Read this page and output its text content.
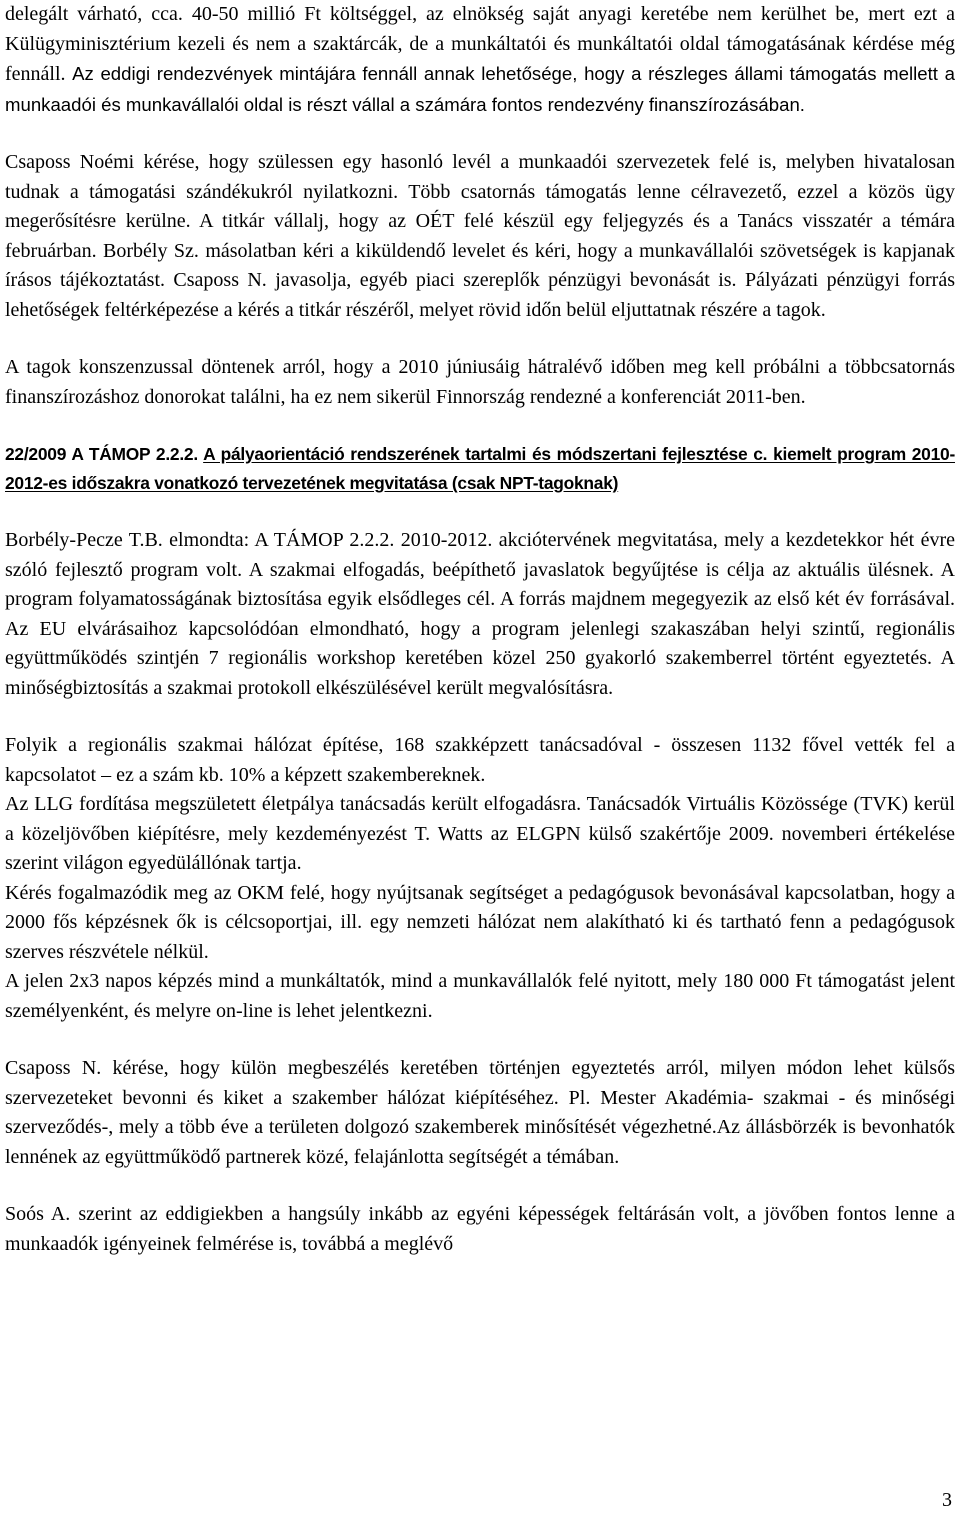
delegált várható, cca. 40-50 millió Ft költséggel, az elnökség saját anyagi keretébe nem kerülhet be, mert ezt a Külügyminisztérium kezeli és nem a szaktárcák, de a munkáltatói és munkáltatói oldal támogatásának kérdése még fennáll. Az eddigi rendezvények mintájára fennáll annak lehetősége, hogy a részleges állami támogatás mellett a munkaadói és munkavállalói oldal is részt vállal a számára fontos rendezvény finanszírozásában.

Csaposs Noémi kérése, hogy szülessen egy hasonló levél a munkaadói szervezetek felé is, melyben hivatalosan tudnak a támogatási szándékukról nyilatkozni. Több csatornás támogatás lenne célravezető, ezzel a közös ügy megerősítésre kerülne. A titkár vállalj, hogy az OÉT felé készül egy feljegyzés és a Tanács visszatér a témára februárban. Borbély Sz. másolatban kéri a kiküldendő levelet és kéri, hogy a munkavállalói szövetségek is kapjanak írásos tájékoztatást. Csaposs N. javasolja, egyéb piaci szereplők pénzügyi bevonását is. Pályázati pénzügyi forrás lehetőségek feltérképezése a kérés a titkár részéről, melyet rövid időn belül eljuttatnak részére a tagok.

A tagok konszenzussal döntenek arról, hogy a 2010 júniusáig hátralévő időben meg kell próbálni a többcsatornás finanszírozáshoz donorokat találni, ha ez nem sikerül Finnország rendezné a konferenciát 2011-ben.

22/2009 A TÁMOP 2.2.2. A pályaorientáció rendszerének tartalmi és módszertani fejlesztése c. kiemelt program 2010-2012-es időszakra vonatkozó tervezetének megvitatása (csak NPT-tagoknak)

Borbély-Pecze T.B. elmondta: A TÁMOP 2.2.2. 2010-2012. akciótervének megvitatása, mely a kezdetekkor hét évre szóló fejlesztő program volt. A szakmai elfogadás, beépíthető javaslatok begyűjtése is célja az aktuális ülésnek. A program folyamatosságának biztosítása egyik elsődleges cél. A forrás majdnem megegyezik az első két év forrásával. Az EU elvárásaihoz kapcsolódóan elmondható, hogy a program jelenlegi szakaszában helyi szintű, regionális együttműködés szintjén 7 regionális workshop keretében közel 250 gyakorló szakemberrel történt egyeztetés. A minőségbiztosítás a szakmai protokoll elkészülésével került megvalósításra.

Folyik a regionális szakmai hálózat építése, 168 szakképzett tanácsadóval - összesen 1132 fővel vették fel a kapcsolatot – ez a szám kb. 10% a képzett szakembereknek.

Az LLG fordítása megszületett életpálya tanácsadás került elfogadásra. Tanácsadók Virtuális Közössége (TVK) kerül a közeljövőben kiépítésre, mely kezdeményezést T. Watts az ELGPN külső szakértője 2009. novemberi értékelése szerint világon egyedülállónak tartja.

Kérés fogalmazódik meg az OKM felé, hogy nyújtsanak segítséget a pedagógusok bevonásával kapcsolatban, hogy a 2000 fős képzésnek ők is célcsoportjai, ill. egy nemzeti hálózat nem alakítható ki és tartható fenn a pedagógusok szerves részvétele nélkül.

A jelen 2x3 napos képzés mind a munkáltatók, mind a munkavállalók felé nyitott, mely 180 000 Ft támogatást jelent személyenként, és melyre on-line is lehet jelentkezni.

Csaposs N. kérése, hogy külön megbeszélés keretében történjen egyeztetés arról, milyen módon lehet külsős szervezeteket bevonni és kiket a szakember hálózat kiépítéséhez. Pl. Mester Akadémia- szakmai - és minőségi szerveződés-, mely a több éve a területen dolgozó szakemberek minősítését végezhetné.Az állásbörzék is bevonhatók lennének az együttműködő partnerek közé, felajánlotta segítségét a témában.

Soós A. szerint az eddigiekben a hangsúly inkább az egyéni képességek feltárásán volt, a jövőben fontos lenne a munkaadók igényeinek felmérése is, továbbá a meglévő

3
